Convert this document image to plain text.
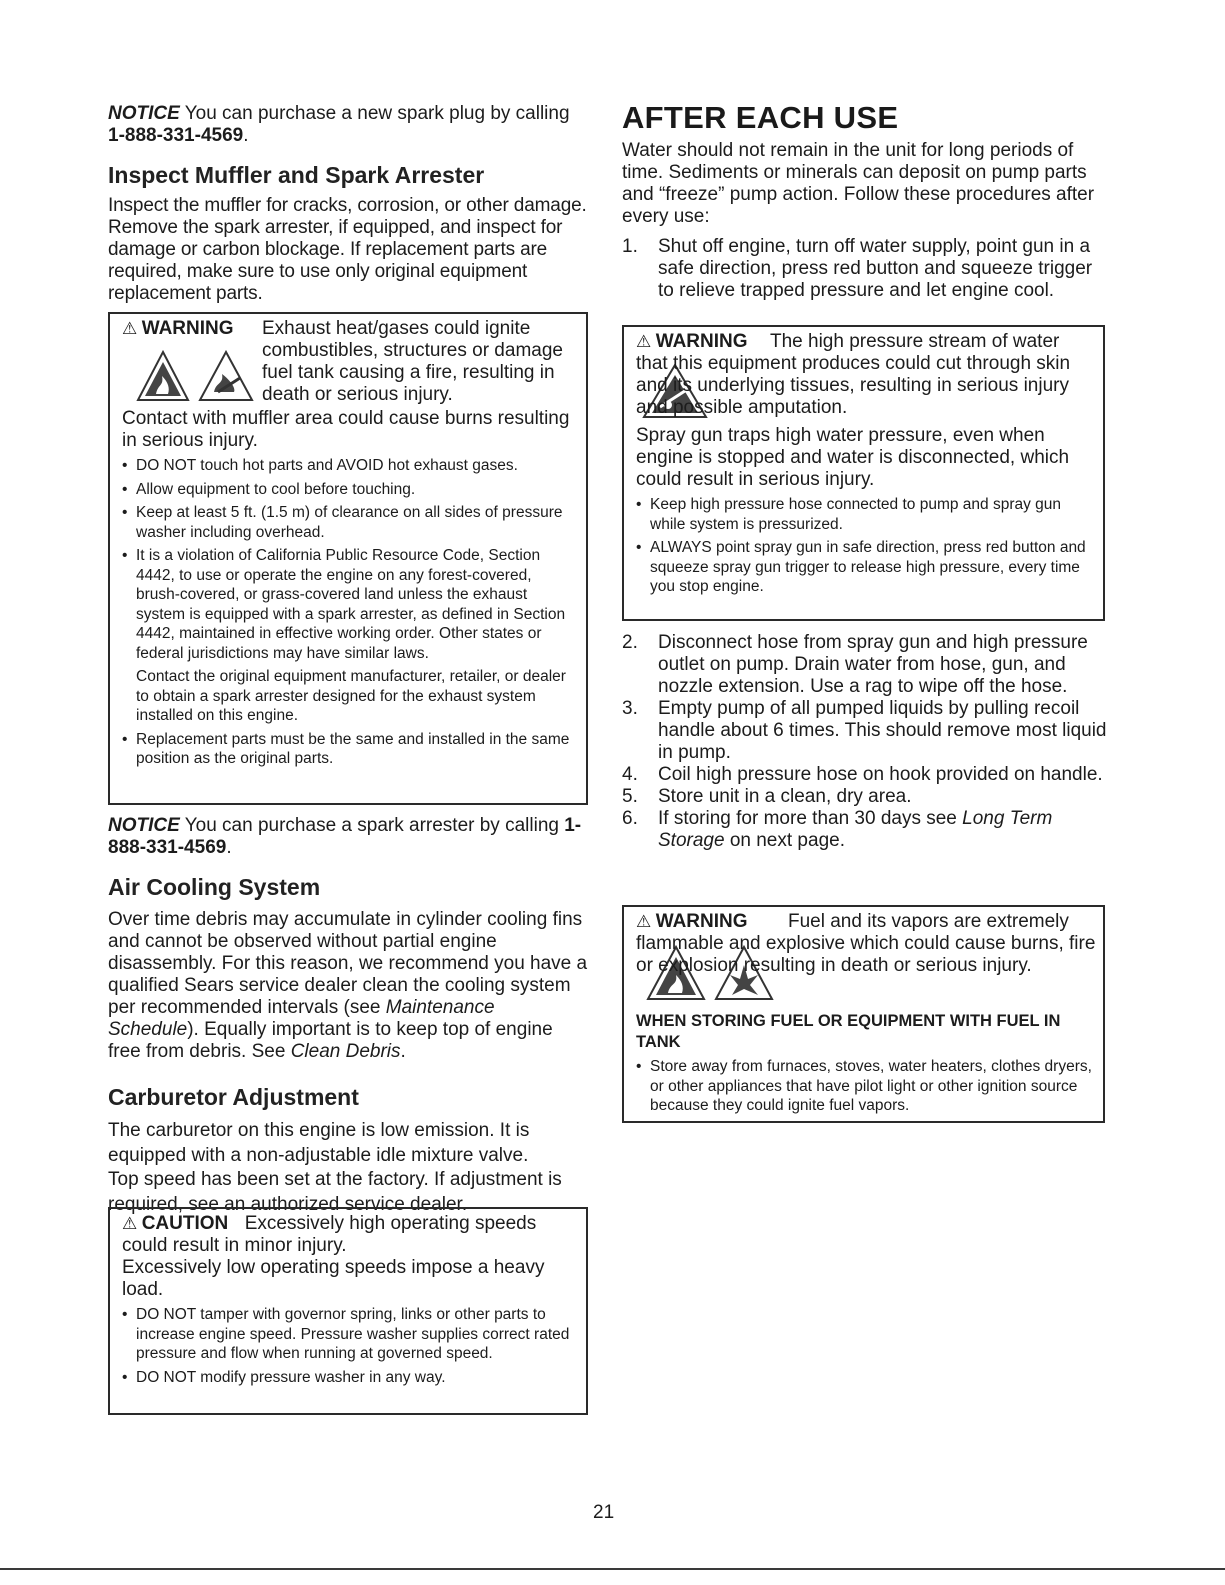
NOTICE You can purchase a new spark plug by calling 1-888-331-4569.

Inspect Muffler and Spark Arrester

Inspect the muffler for cracks, corrosion, or other damage. Remove the spark arrester, if equipped, and inspect for damage or carbon blockage. If replacement parts are required, make sure to use only original equipment replacement parts.

⚠ WARNING Exhaust heat/gases could ignite combustibles, structures or damage fuel tank causing a fire, resulting in death or serious injury.

Contact with muffler area could cause burns resulting in serious injury.

• DO NOT touch hot parts and AVOID hot exhaust gases.
• Allow equipment to cool before touching.
• Keep at least 5 ft. (1.5 m) of clearance on all sides of pressure washer including overhead.
• It is a violation of California Public Resource Code, Section 4442, to use or operate the engine on any forest-covered, brush-covered, or grass-covered land unless the exhaust system is equipped with a spark arrester, as defined in Section 4442, maintained in effective working order. Other states or federal jurisdictions may have similar laws.
Contact the original equipment manufacturer, retailer, or dealer to obtain a spark arrester designed for the exhaust system installed on this engine.
• Replacement parts must be the same and installed in the same position as the original parts.

NOTICE You can purchase a spark arrester by calling 1-888-331-4569.

Air Cooling System

Over time debris may accumulate in cylinder cooling fins and cannot be observed without partial engine disassembly. For this reason, we recommend you have a qualified Sears service dealer clean the cooling system per recommended intervals (see Maintenance Schedule). Equally important is to keep top of engine free from debris. See Clean Debris.

Carburetor Adjustment

The carburetor on this engine is low emission. It is equipped with a non-adjustable idle mixture valve.

Top speed has been set at the factory. If adjustment is required, see an authorized service dealer.

⚠ CAUTION Excessively high operating speeds could result in minor injury.

Excessively low operating speeds impose a heavy load.

• DO NOT tamper with governor spring, links or other parts to increase engine speed. Pressure washer supplies correct rated pressure and flow when running at governed speed.
• DO NOT modify pressure washer in any way.
AFTER EACH USE

Water should not remain in the unit for long periods of time. Sediments or minerals can deposit on pump parts and “freeze” pump action. Follow these procedures after every use:

1. Shut off engine, turn off water supply, point gun in a safe direction, press red button and squeeze trigger to relieve trapped pressure and let engine cool.
⚠ WARNING	The high pressure stream of water that this equipment produces could cut through skin and its underlying tissues, resulting in serious injury and possible amputation.

Spray gun traps high water pressure, even when engine is stopped and water is disconnected, which could result in serious injury.

• Keep high pressure hose connected to pump and spray gun while system is pressurized.
• ALWAYS point spray gun in safe direction, press red button and squeeze spray gun trigger to release high pressure, every time you stop engine.
2. Disconnect hose from spray gun and high pressure outlet on pump. Drain water from hose, gun, and nozzle extension. Use a rag to wipe off the hose.
3. Empty pump of all pumped liquids by pulling recoil handle about 6 times. This should remove most liquid in pump.
4. Coil high pressure hose on hook provided on handle.
5. Store unit in a clean, dry area.
6. If storing for more than 30 days see Long Term Storage on next page.
⚠ WARNING	Fuel and its vapors are extremely flammable and explosive which could cause burns, fire or explosion resulting in death or serious injury.

WHEN STORING FUEL OR EQUIPMENT WITH FUEL IN TANK

• Store away from furnaces, stoves, water heaters, clothes dryers, or other appliances that have pilot light or other ignition source because they could ignite fuel vapors.
21
